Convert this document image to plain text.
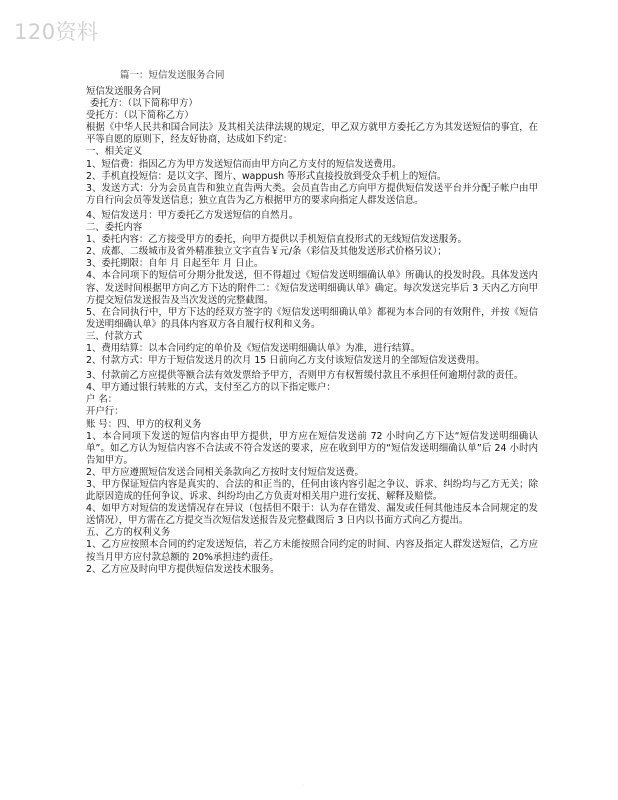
120资料	·
·
篇一：短信发送服务合同

短信发送服务合同

委托方：（以下简称甲方）

受托方：（以下简称乙方）

根据《中华人民共和国合同法》及其相关法律法规的规定，甲乙双方就甲方委托乙方为其发送短信的事宜，在平等自愿的原则下，经友好协商，达成如下约定：

一、相关定义

1、短信费：指因乙方为甲方发送短信而由甲方向乙方支付的短信发送费用。

2、手机直投短信：是以文字、图片、wappush 等形式直接投放到受众手机上的短信。

3、发送方式：分为会员直告和独立直告两大类。会员直告由乙方向甲方提供短信发送平台并分配子帐户由甲方自行向会员等发送信息；独立直告为乙方根据甲方的要求向指定人群发送信息。

4、短信发送月：甲方委托乙方发送短信的自然月。

二、委托内容

1、委托内容：乙方接受甲方的委托，向甲方提供以手机短信直投形式的无线短信发送服务。

2、成都、二级城市及省外精准独立文字直告￥元/条（彩信及其他发送形式价格另议）；

3、委托期限：自年 月 日起至年 月 日止。

4、本合同项下的短信可分期分批发送，但不得超过《短信发送明细确认单》所确认的投发时段。具体发送内容、发送时间根据甲方向乙方下达的附件二：《短信发送明细确认单》确定。每次发送完毕后 3 天内乙方向甲方提交短信发送报告及当次发送的完整截图。

5、在合同执行中，甲方下达的经双方签字的《短信发送明细确认单》都视为本合同的有效附件，并按《短信发送明细确认单》的具体内容双方各自履行权利和义务。

三、付款方式

1、费用结算：以本合同约定的单价及《短信发送明细确认单》为准，进行结算。

2、付款方式：甲方于短信发送月的次月 15 日前向乙方支付该短信发送月的全部短信发送费用。

3、付款前乙方应提供等额合法有效发票给予甲方，否则甲方有权暂缓付款且不承担任何逾期付款的责任。

4、甲方通过银行转账的方式，支付至乙方的以下指定账户：

户 名：

开户行：

账 号：四、甲方的权利义务

1、本合同项下发送的短信内容由甲方提供，甲方应在短信发送前 72 小时向乙方下达“短信发送明细确认单”。如乙方认为短信内容不合法或不符合发送的要求，应在收到甲方的“短信发送明细确认单”后 24 小时内告知甲方。

2、甲方应遵照短信发送合同相关条款向乙方按时支付短信发送费。

3、甲方保证短信内容是真实的、合法的和正当的，任何由该内容引起之争议、诉求、纠纷均与乙方无关；除此原因造成的任何争议、诉求、纠纷均由乙方负责对相关用户进行安抚、解释及赔偿。

4、如甲方对短信的发送情况存在异议（包括但不限于：认为存在错发、漏发或任何其他违反本合同规定的发送情况），甲方需在乙方提交当次短信发送报告及完整截图后 3 日内以书面方式向乙方提出。

五、乙方的权利义务

1、乙方应按照本合同的约定发送短信，若乙方未能按照合同约定的时间、内容及指定人群发送短信，乙方应按当月甲方应付款总额的 20%承担违约责任。

2、乙方应及时向甲方提供短信发送技术服务。
